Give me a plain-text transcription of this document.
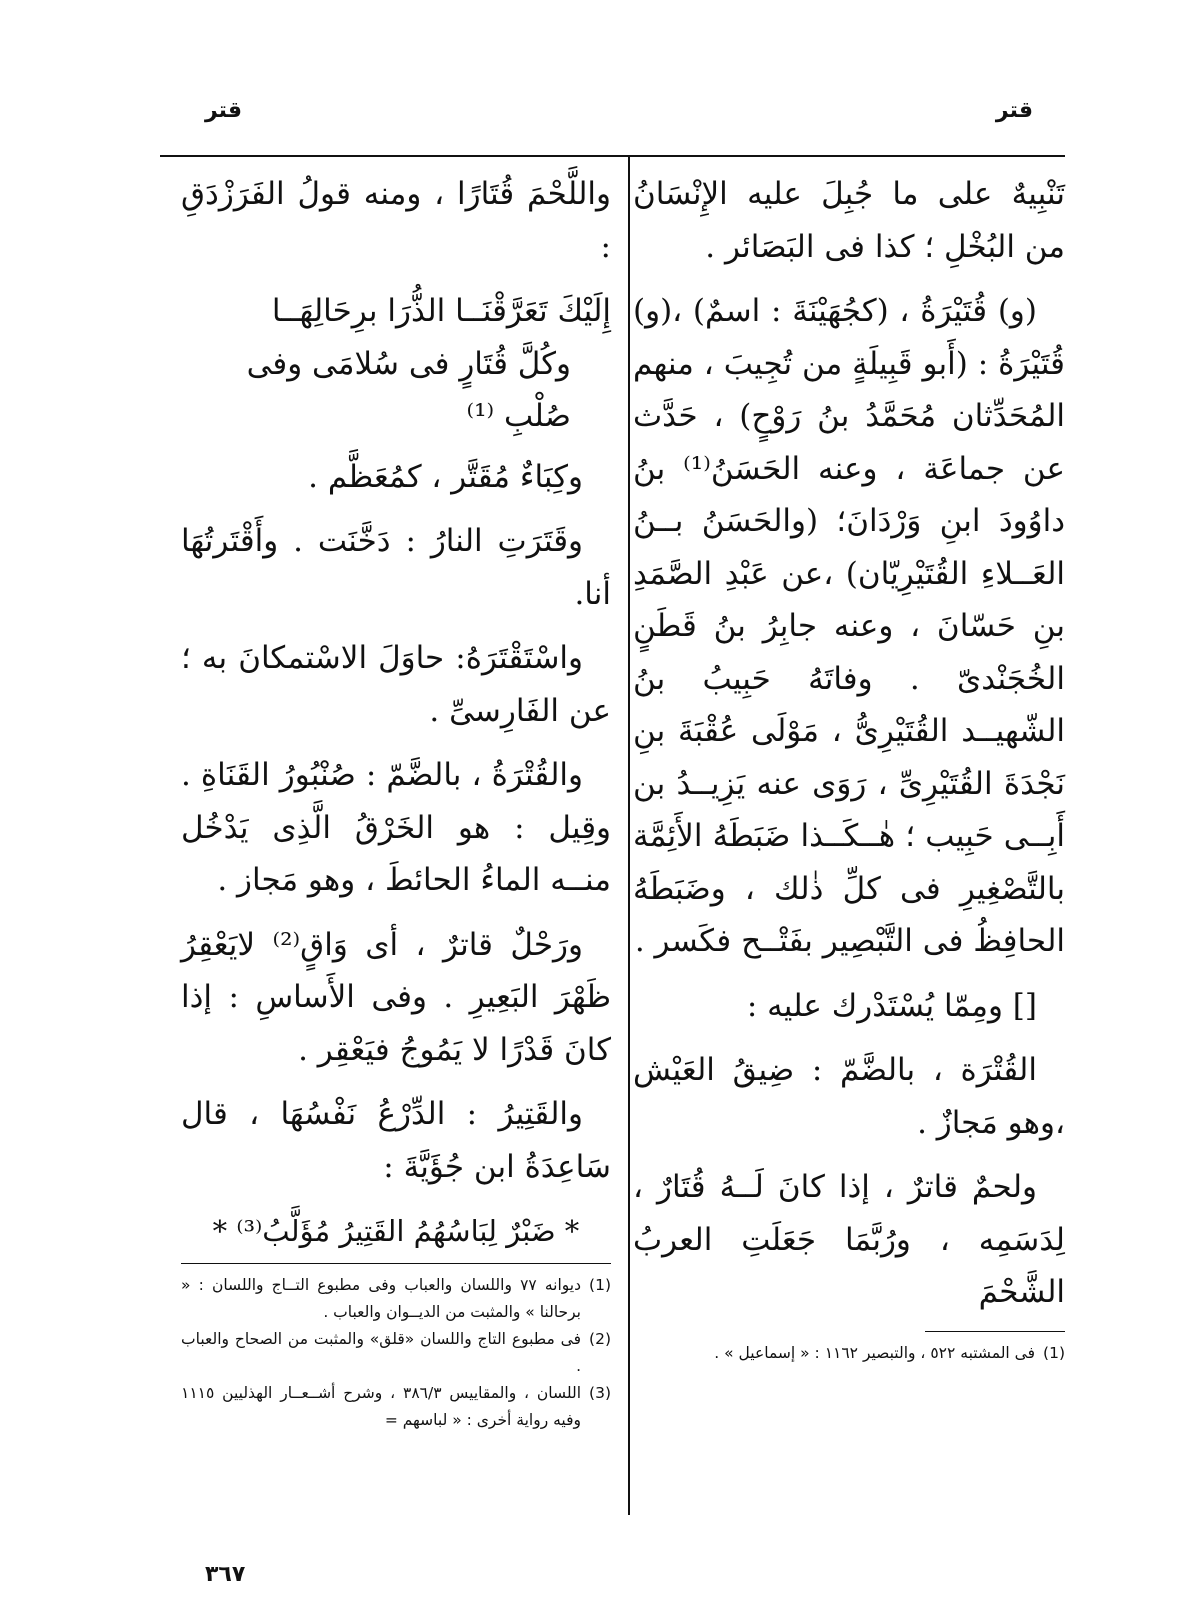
قتر
قتر

تَنْبِيهٌ على ما جُبِلَ عليه الإِنْسَانُ من البُخْلِ ؛ كذا فى البَصَائر .

(و) قُتَيْرَةُ ، (كجُهَيْنَةَ : اسمٌ) ،(و) قُتَيْرَةُ : (أَبو قَبِيلَةٍ من تُجِيبَ ، منهم المُحَدِّثان مُحَمَّدُ بنُ رَوْحٍ) ، حَدَّث عن جماعَة ، وعنه الحَسَنُ⁽¹⁾ بنُ داوُودَ ابنِ وَرْدَانَ؛ (والحَسَنُ بــنُ العَــلاءِ القُتَيْرِيّان) ،عن عَبْدِ الصَّمَدِ بنِ حَسّانَ ، وعنه جابِرُ بنُ قَطَنٍ الخُجَنْدىّ . وفاتَهُ حَبِيبُ بنُ الشّهيــد القُتَيْرِىُّ ، مَوْلَى عُقْبَةَ بنِ نَجْدَةَ القُتَيْرِىِّ ، رَوَى عنه يَزِيــدُ بن أَبِــى حَبِيب ؛ هٰــكَــذا ضَبَطَهُ الأَئِمَّة بالتَّصْغِيرِ فى كلِّ ذٰلك ، وضَبَطَهُ الحافِظُ فى التَّبْصِير بفَتْــح فكَسر .

[] ومِمّا يُسْتَدْرك عليه :

القُتْرَة ، بالضَّمّ : ضِيقُ العَيْش ،وهو مَجازٌ .

ولحمٌ قاترٌ ، إذا كانَ لَــهُ قُتَارٌ ، لِدَسَمِه ، ورُبَّمَا جَعَلَتِ العربُ الشَّحْمَ

(1)
فى المشتبه ٥٢٢ ، والتبصير ١١٦٢ : « إسماعيل » .

واللَّحْمَ قُتَارًا ، ومنه قولُ الفَرَزْدَقِ :

إِلَيْكَ تَعَرَّقْنَــا الذُّرَا برِحَالِهَــا
وكُلَّ قُتَارٍ فى سُلامَى وفى صُلْبِ ⁽¹⁾

وكِبَاءٌ مُقَتَّر ، كمُعَظَّم .

وقَتَرَتِ النارُ : دَخَّنَت . وأَقْتَرتُهَا أنا.

واسْتَقْتَرَهُ: حاوَلَ الاسْتمكانَ به ؛ عن الفَارِسىِّ .

والقُتْرَةُ ، بالضَّمّ : صُنْبُورُ القَنَاةِ . وقِيل : هو الخَرْقُ الَّذِى يَدْخُل منــه الماءُ الحائطَ ، وهو مَجاز .

ورَحْلٌ قاترٌ ، أى وَاقٍ⁽²⁾ لايَعْقِرُ ظَهْرَ البَعِيرِ . وفى الأَساسِ : إذا كانَ قَدْرًا لا يَمُوجُ فيَعْقِر .

والقَتِيرُ : الدِّرْعُ نَفْسُهَا ، قال سَاعِدَةُ ابن جُؤَيَّةَ :

* ضَبْرٌ لِبَاسُهُمُ القَتِيرُ مُؤَلَّبُ⁽³⁾ *

(1)
ديوانه ٧٧ واللسان والعباب وفى مطبوع التــاج واللسان : « برحالنا » والمثبت من الديــوان والعباب .

(2)
فى مطبوع التاج واللسان «قلق» والمثبت من الصحاح والعباب .

(3)
اللسان ، والمقاييس ٣٨٦/٣ ، وشرح أشــعــار الهذليين ١١١٥ وفيه رواية أخرى : « لباسهم =

٣٦٧
